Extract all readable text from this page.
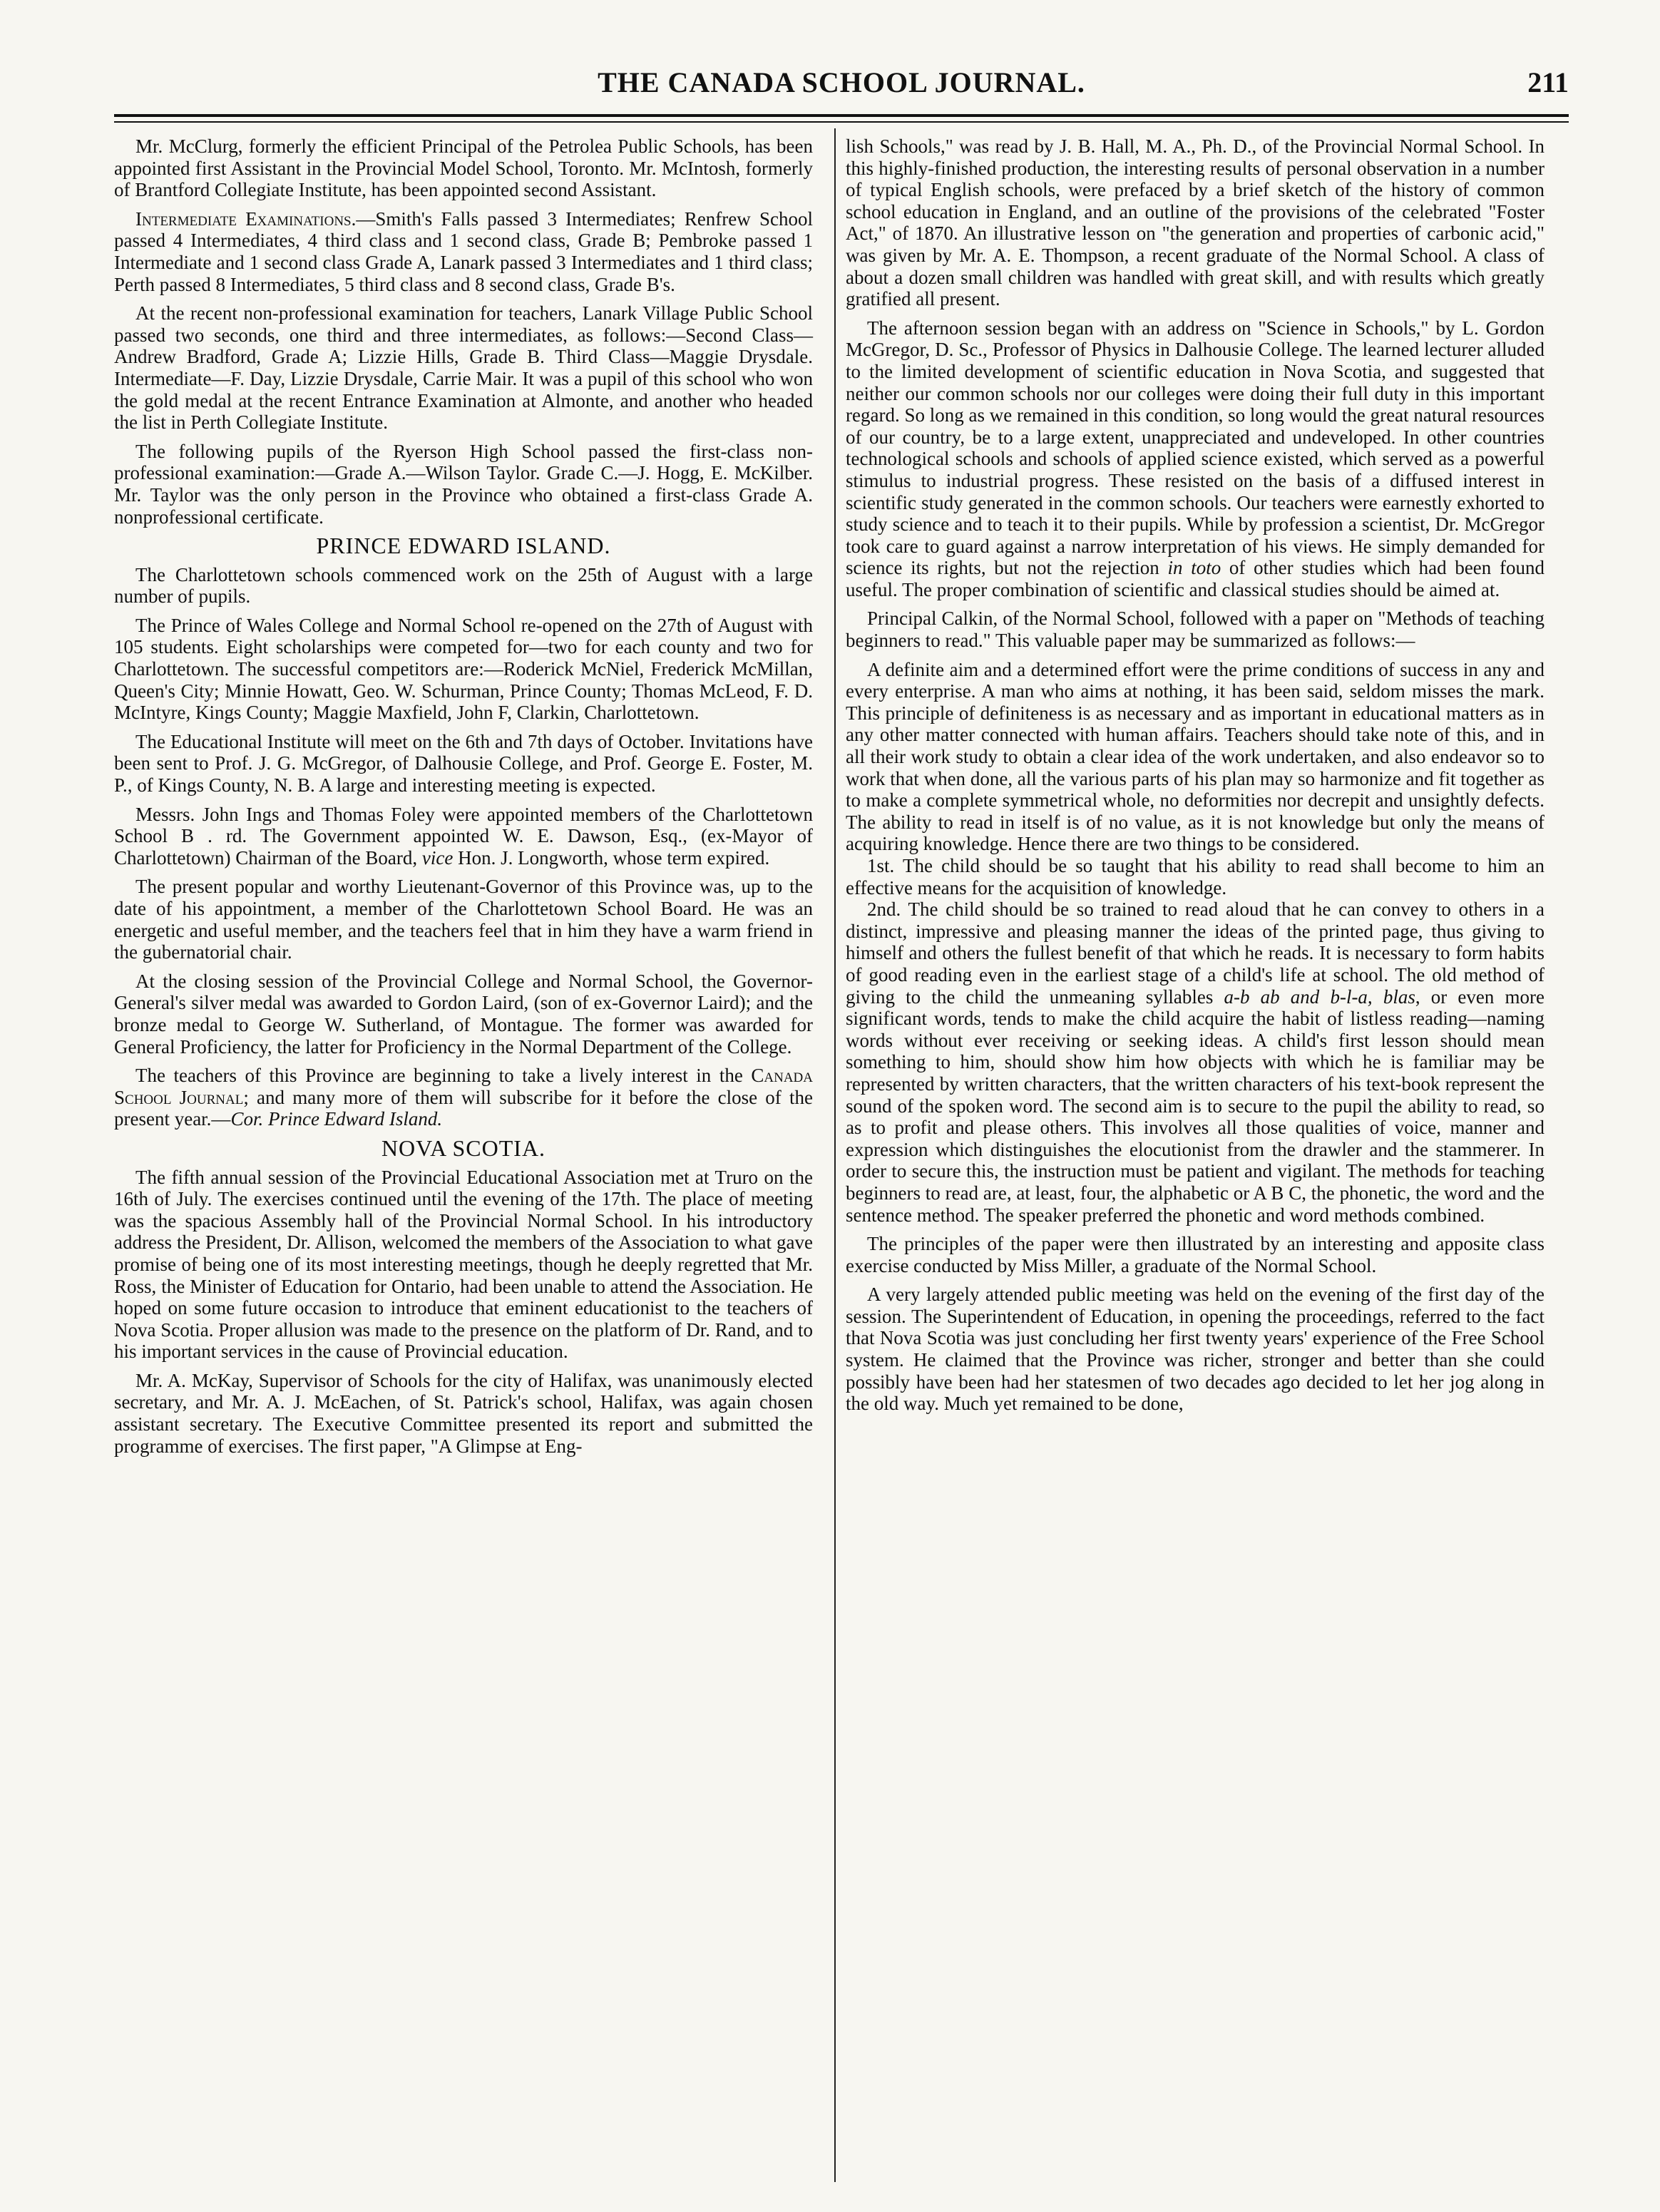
THE CANADA SCHOOL JOURNAL.	211

Mr. McClurg, formerly the efficient Principal of the Petrolea Public Schools, has been appointed first Assistant in the Provincial Model School, Toronto. Mr. McIntosh, formerly of Brantford Collegiate Institute, has been appointed second Assistant.

Intermediate Examinations.—Smith's Falls passed 3 Intermediates; Renfrew School passed 4 Intermediates, 4 third class and 1 second class, Grade B; Pembroke passed 1 Intermediate and 1 second class Grade A, Lanark passed 3 Intermediates and 1 third class; Perth passed 8 Intermediates, 5 third class and 8 second class, Grade B's.

At the recent non-professional examination for teachers, Lanark Village Public School passed two seconds, one third and three intermediates, as follows:—Second Class—Andrew Bradford, Grade A; Lizzie Hills, Grade B. Third Class—Maggie Drysdale. Intermediate—F. Day, Lizzie Drysdale, Carrie Mair. It was a pupil of this school who won the gold medal at the recent Entrance Examination at Almonte, and another who headed the list in Perth Collegiate Institute.

The following pupils of the Ryerson High School passed the first-class non-professional examination:—Grade A.—Wilson Taylor. Grade C.—J. Hogg, E. McKilber. Mr. Taylor was the only person in the Province who obtained a first-class Grade A. nonprofessional certificate.

PRINCE EDWARD ISLAND.

The Charlottetown schools commenced work on the 25th of August with a large number of pupils.

The Prince of Wales College and Normal School re-opened on the 27th of August with 105 students. Eight scholarships were competed for—two for each county and two for Charlottetown. The successful competitors are:—Roderick McNiel, Frederick McMillan, Queen's City; Minnie Howatt, Geo. W. Schurman, Prince County; Thomas McLeod, F. D. McIntyre, Kings County; Maggie Maxfield, John F, Clarkin, Charlottetown.

The Educational Institute will meet on the 6th and 7th days of October. Invitations have been sent to Prof. J. G. McGregor, of Dalhousie College, and Prof. George E. Foster, M. P., of Kings County, N. B. A large and interesting meeting is expected.

Messrs. John Ings and Thomas Foley were appointed members of the Charlottetown School B . rd. The Government appointed W. E. Dawson, Esq., (ex-Mayor of Charlottetown) Chairman of the Board, vice Hon. J. Longworth, whose term expired.

The present popular and worthy Lieutenant-Governor of this Province was, up to the date of his appointment, a member of the Charlottetown School Board. He was an energetic and useful member, and the teachers feel that in him they have a warm friend in the gubernatorial chair.

At the closing session of the Provincial College and Normal School, the Governor-General's silver medal was awarded to Gordon Laird, (son of ex-Governor Laird); and the bronze medal to George W. Sutherland, of Montague. The former was awarded for General Proficiency, the latter for Proficiency in the Normal Department of the College.

The teachers of this Province are beginning to take a lively interest in the Canada School Journal; and many more of them will subscribe for it before the close of the present year.—Cor. Prince Edward Island.

NOVA SCOTIA.

The fifth annual session of the Provincial Educational Association met at Truro on the 16th of July. The exercises continued until the evening of the 17th. The place of meeting was the spacious Assembly hall of the Provincial Normal School. In his introductory address the President, Dr. Allison, welcomed the members of the Association to what gave promise of being one of its most interesting meetings, though he deeply regretted that Mr. Ross, the Minister of Education for Ontario, had been unable to attend the Association. He hoped on some future occasion to introduce that eminent educationist to the teachers of Nova Scotia. Proper allusion was made to the presence on the platform of Dr. Rand, and to his important services in the cause of Provincial education.

Mr. A. McKay, Supervisor of Schools for the city of Halifax, was unanimously elected secretary, and Mr. A. J. McEachen, of St. Patrick's school, Halifax, was again chosen assistant secretary. The Executive Committee presented its report and submitted the programme of exercises. The first paper, "A Glimpse at Eng-

lish Schools," was read by J. B. Hall, M. A., Ph. D., of the Provincial Normal School. In this highly-finished production, the interesting results of personal observation in a number of typical English schools, were prefaced by a brief sketch of the history of common school education in England, and an outline of the provisions of the celebrated "Foster Act," of 1870. An illustrative lesson on "the generation and properties of carbonic acid," was given by Mr. A. E. Thompson, a recent graduate of the Normal School. A class of about a dozen small children was handled with great skill, and with results which greatly gratified all present.

The afternoon session began with an address on "Science in Schools," by L. Gordon McGregor, D. Sc., Professor of Physics in Dalhousie College. The learned lecturer alluded to the limited development of scientific education in Nova Scotia, and suggested that neither our common schools nor our colleges were doing their full duty in this important regard. So long as we remained in this condition, so long would the great natural resources of our country, be to a large extent, unappreciated and undeveloped. In other countries technological schools and schools of applied science existed, which served as a powerful stimulus to industrial progress. These resisted on the basis of a diffused interest in scientific study generated in the common schools. Our teachers were earnestly exhorted to study science and to teach it to their pupils. While by profession a scientist, Dr. McGregor took care to guard against a narrow interpretation of his views. He simply demanded for science its rights, but not the rejection in toto of other studies which had been found useful. The proper combination of scientific and classical studies should be aimed at.

Principal Calkin, of the Normal School, followed with a paper on "Methods of teaching beginners to read." This valuable paper may be summarized as follows:—

A definite aim and a determined effort were the prime conditions of success in any and every enterprise. A man who aims at nothing, it has been said, seldom misses the mark. This principle of definiteness is as necessary and as important in educational matters as in any other matter connected with human affairs. Teachers should take note of this, and in all their work study to obtain a clear idea of the work undertaken, and also endeavor so to work that when done, all the various parts of his plan may so harmonize and fit together as to make a complete symmetrical whole, no deformities nor decrepit and unsightly defects. The ability to read in itself is of no value, as it is not knowledge but only the means of acquiring knowledge. Hence there are two things to be considered.

1st. The child should be so taught that his ability to read shall become to him an effective means for the acquisition of knowledge.

2nd. The child should be so trained to read aloud that he can convey to others in a distinct, impressive and pleasing manner the ideas of the printed page, thus giving to himself and others the fullest benefit of that which he reads. It is necessary to form habits of good reading even in the earliest stage of a child's life at school. The old method of giving to the child the unmeaning syllables a-b ab and b-l-a, blas, or even more significant words, tends to make the child acquire the habit of listless reading—naming words without ever receiving or seeking ideas. A child's first lesson should mean something to him, should show him how objects with which he is familiar may be represented by written characters, that the written characters of his text-book represent the sound of the spoken word. The second aim is to secure to the pupil the ability to read, so as to profit and please others. This involves all those qualities of voice, manner and expression which distinguishes the elocutionist from the drawler and the stammerer. In order to secure this, the instruction must be patient and vigilant. The methods for teaching beginners to read are, at least, four, the alphabetic or A B C, the phonetic, the word and the sentence method. The speaker preferred the phonetic and word methods combined.

The principles of the paper were then illustrated by an interesting and apposite class exercise conducted by Miss Miller, a graduate of the Normal School.

A very largely attended public meeting was held on the evening of the first day of the session. The Superintendent of Education, in opening the proceedings, referred to the fact that Nova Scotia was just concluding her first twenty years' experience of the Free School system. He claimed that the Province was richer, stronger and better than she could possibly have been had her statesmen of two decades ago decided to let her jog along in the old way. Much yet remained to be done,
